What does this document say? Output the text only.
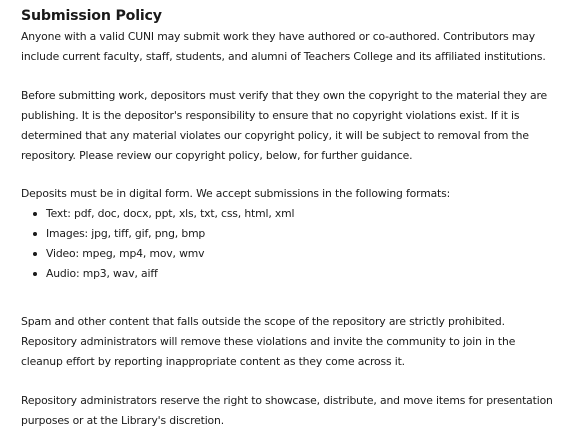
Submission Policy

Anyone with a valid CUNI may submit work they have authored or co-authored. Contributors may
include current faculty, staff, students, and alumni of Teachers College and its affiliated institutions.

Before submitting work, depositors must verify that they own the copyright to the material they are
publishing. It is the depositor's responsibility to ensure that no copyright violations exist. If it is
determined that any material violates our copyright policy, it will be subject to removal from the
repository. Please review our copyright policy, below, for further guidance.

Deposits must be in digital form. We accept submissions in the following formats:

Text: pdf, doc, docx, ppt, xls, txt, css, html, xml
Images: jpg, tiff, gif, png, bmp
Video: mpeg, mp4, mov, wmv
Audio: mp3, wav, aiff

Spam and other content that falls outside the scope of the repository are strictly prohibited.
Repository administrators will remove these violations and invite the community to join in the
cleanup effort by reporting inappropriate content as they come across it.

Repository administrators reserve the right to showcase, distribute, and move items for presentation
purposes or at the Library's discretion.
